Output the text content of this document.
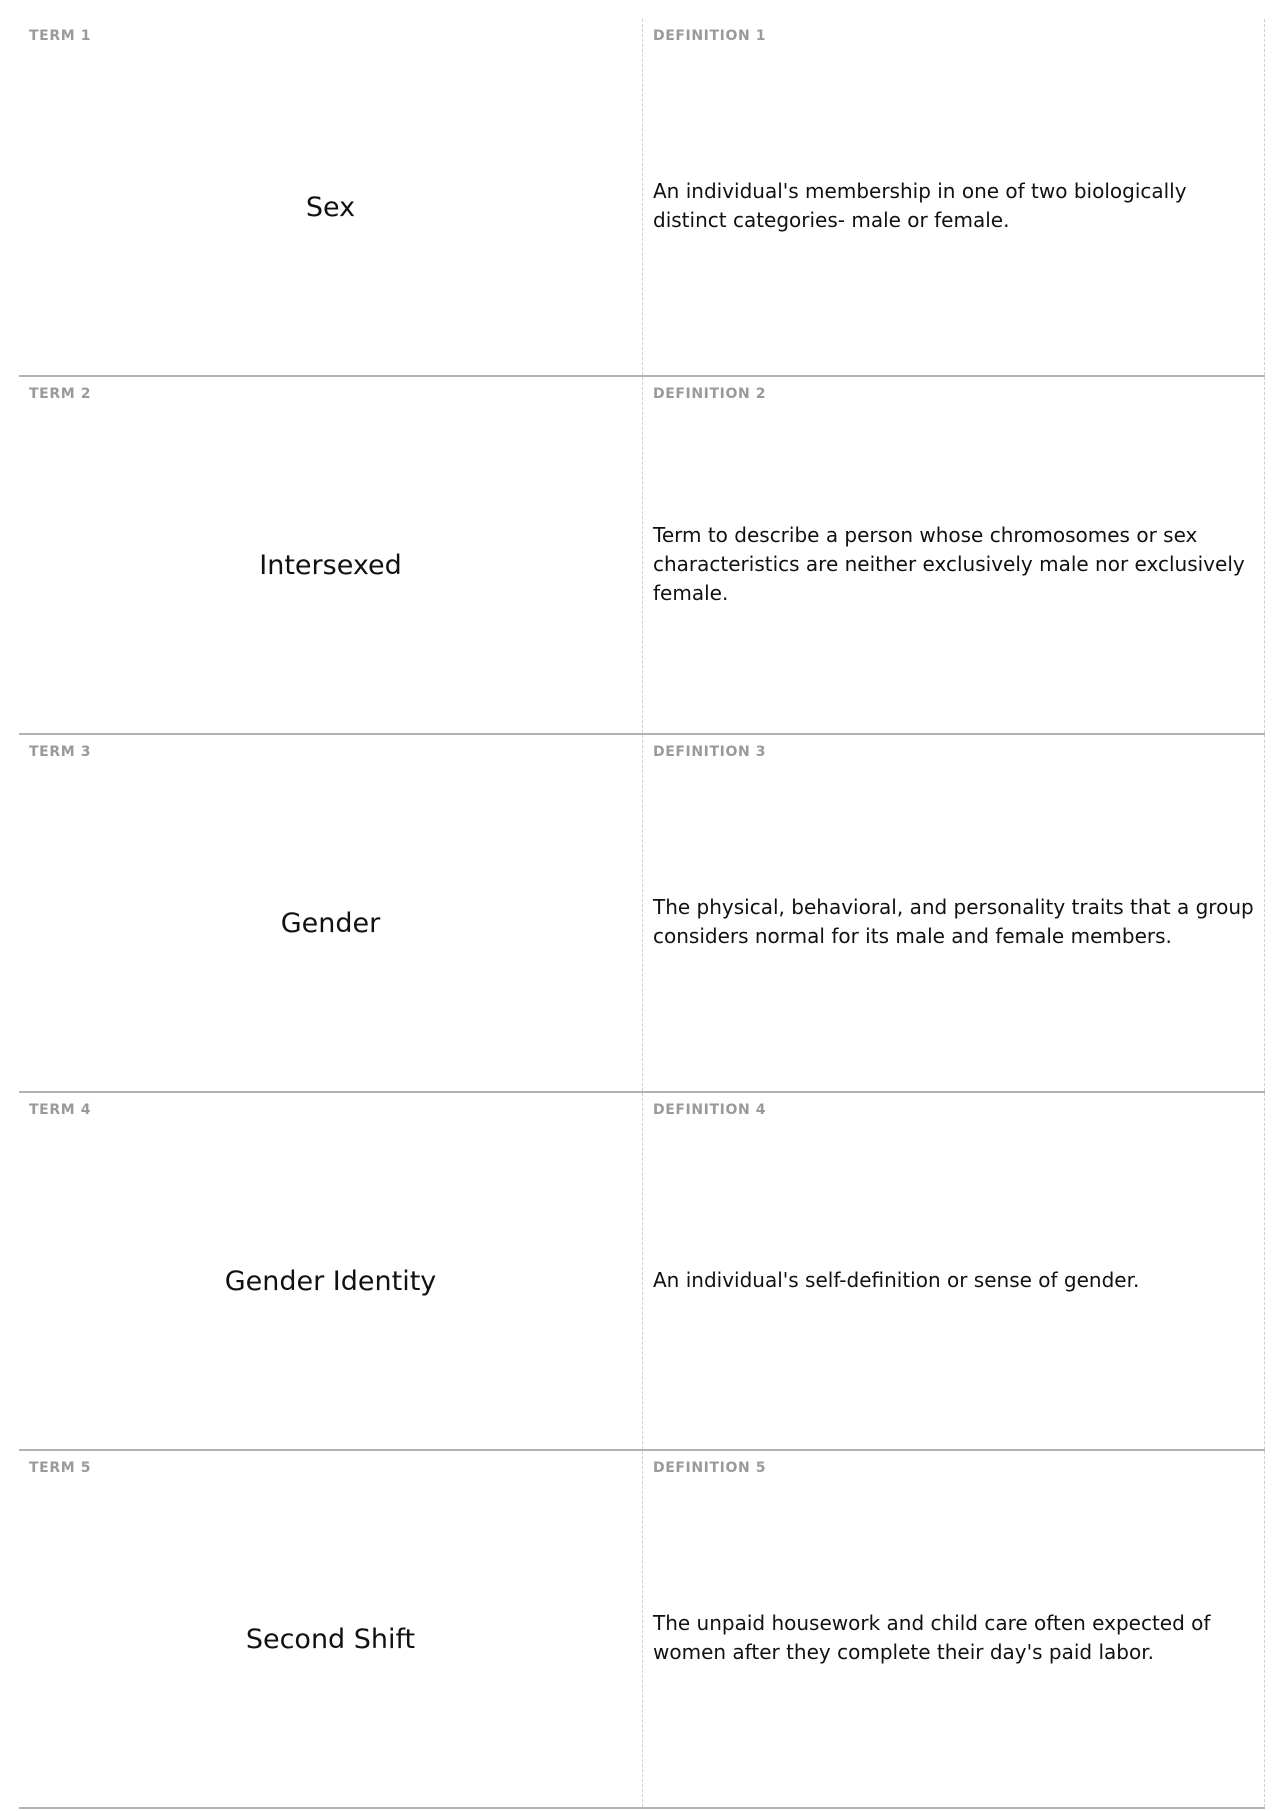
TERM 1
Sex
DEFINITION 1
An individual's membership in one of two biologically distinct categories- male or female.
TERM 2
Intersexed
DEFINITION 2
Term to describe a person whose chromosomes or sex characteristics are neither exclusively male nor exclusively female.
TERM 3
Gender
DEFINITION 3
The physical, behavioral, and personality traits that a group considers normal for its male and female members.
TERM 4
Gender Identity
DEFINITION 4
An individual's self-definition or sense of gender.
TERM 5
Second Shift
DEFINITION 5
The unpaid housework and child care often expected of women after they complete their day's paid labor.
